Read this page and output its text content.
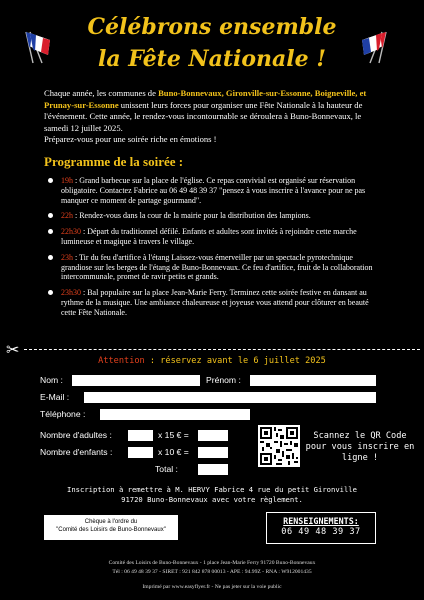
Célébrons ensemble
la Fête Nationale !
Chaque année, les communes de Buno-Bonnevaux, Gironville-sur-Essonne, Boigneville, et Prunay-sur-Essonne unissent leurs forces pour organiser une Fête Nationale à la hauteur de l'événement. Cette année, le rendez-vous incontournable se déroulera à Buno-Bonnevaux, le samedi 12 juillet 2025.
Préparez-vous pour une soirée riche en émotions !
Programme de la soirée :
19h : Grand barbecue sur la place de l'église. Ce repas convivial est organisé sur réservation obligatoire. Contactez Fabrice au 06 49 48 39 37 "pensez à vous inscrire à l'avance pour ne pas manquer ce moment de partage gourmand".
22h : Rendez-vous dans la cour de la mairie pour la distribution des lampions.
22h30 : Départ du traditionnel défilé. Enfants et adultes sont invités à rejoindre cette marche lumineuse et magique à travers le village.
23h : Tir du feu d'artifice à l'étang Laissez-vous émerveiller par un spectacle pyrotechnique grandiose sur les berges de l'étang de Buno-Bonnevaux. Ce feu d'artifice, fruit de la collaboration intercommunale, promet de ravir petits et grands.
23h30 : Bal populaire sur la place Jean-Marie Ferry. Terminez cette soirée festive en dansant au rythme de la musique. Une ambiance chaleureuse et joyeuse vous attend pour clôturer en beauté cette Fête Nationale.
✂
Attention : réservez avant le 6 juillet 2025
Nom :	Prénom :
E-Mail :
Téléphone :
Nombre d'adultes :	x 15 € =
Nombre d'enfants :	x 10 € =
Total :
Scannez le QR Code pour vous inscrire en ligne !
Inscription à remettre à M. HERVY Fabrice 4 rue du petit Gironville
91720 Buno-Bonnevaux avec votre règlement.
Chèque à l'ordre du
"Comité des Loisirs de Buno-Bonnevaux"
RENSEIGNEMENTS:
06 49 48 39 37
Comité des Loisirs de Buno-Bonnevaux - 1 place Jean-Marie Ferry 91720 Buno-Bonnevaux
Tél : 06 49 48 39 37 - SIRET : 921 842 878 00013 - APE : 94.99Z - RNA : W912001435
Imprimé par www.easyflyer.fr - Ne pas jeter sur la voie public
